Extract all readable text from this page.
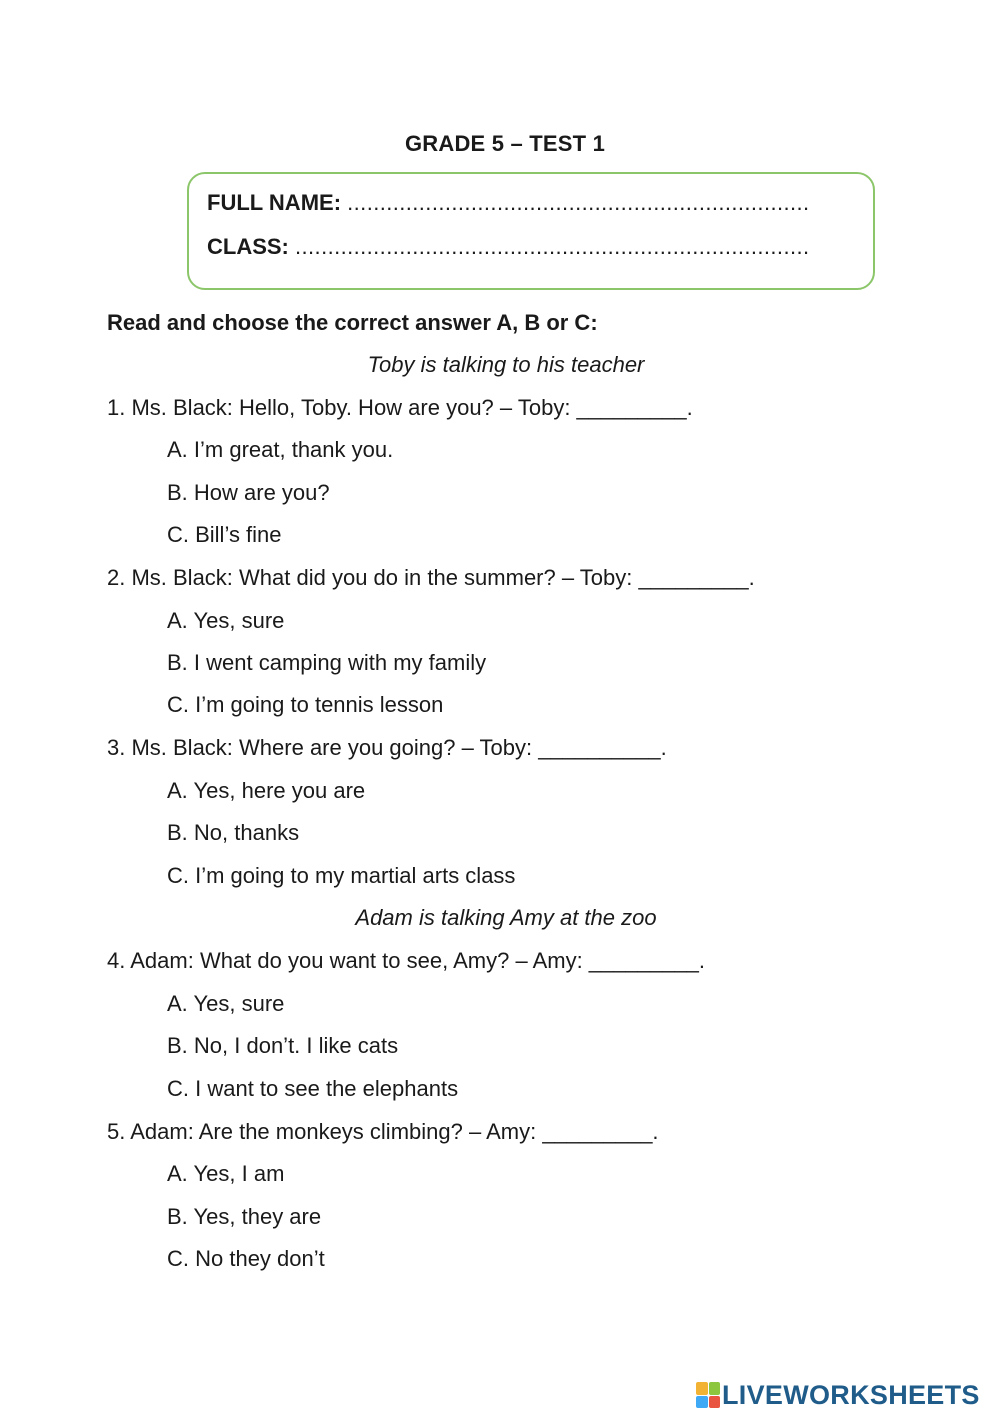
GRADE 5 – TEST 1
FULL NAME: .......................................................................
CLASS: ...............................................................................
Read and choose the correct answer A, B or C:
Toby is talking to his teacher
1. Ms. Black: Hello, Toby. How are you? – Toby: _________.
A. I’m great, thank you.
B. How are you?
C. Bill’s fine
2. Ms. Black: What did you do in the summer? – Toby: _________.
A. Yes, sure
B. I went camping with my family
C. I’m going to tennis lesson
3. Ms. Black: Where are you going? – Toby: __________.
A. Yes, here you are
B. No, thanks
C. I’m going to my martial arts class
Adam is talking Amy at the zoo
4. Adam: What do you want to see, Amy? – Amy: _________.
A. Yes, sure
B. No, I don’t. I like cats
C. I want to see the elephants
5. Adam: Are the monkeys climbing? – Amy: _________.
A. Yes, I am
B. Yes, they are
C. No they don’t
LIVEWORKSHEETS
